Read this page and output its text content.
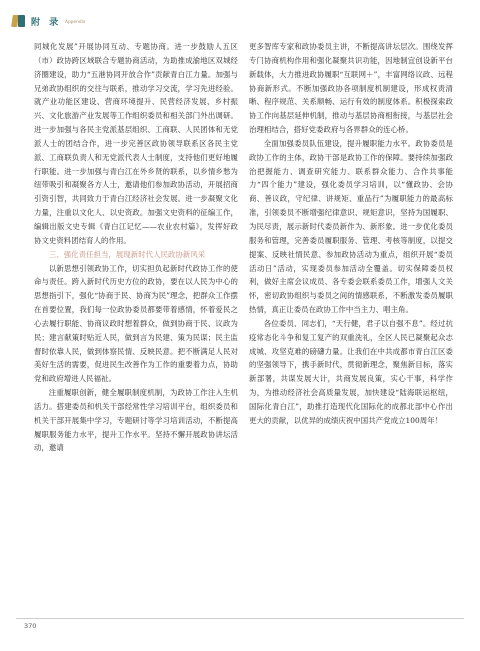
附 录 Appendix

同城化发展”开展协同互动、专题协商。进一步鼓励人五区（市）政协跨区域联合专题协商活动，为助推成渝地区双城经济圈建设，助力“五港协同开放合作”贡献青白江力量。加强与兄弟政协组织的交往与联系，推动学习交流，学习先进经验。就产业功能区建设、营商环境提升、民营经济发展、乡村振兴、文化旅游产业发展等工作组织委员和相关部门外出调研。进一步加强与各民主党派基层组织、工商联、人民团体和无党派人士的团结合作，进一步完善区政协领导联系区各民主党派、工商联负责人和无党派代表人士制度，支持他们更好地履行职能。进一步加强与青白江在外乡贤的联系，以乡情乡愁为纽带吸引和凝聚各方人士，邀请他们参加政协活动，开展招商引资引智，共同致力于青白江经济社会发展。进一步凝聚文化力量，注重以文化人、以史资政。加强文史资料的征编工作，编辑出版文史专辑《青白江记忆——农业农村篇》，发挥好政协文史资料团结育人的作用。

三、强化责任担当，展现新时代人民政协新风采

以新思想引领政协工作，切实担负起新时代政协工作的使命与责任。跨入新时代历史方位的政协，要在以人民为中心的思想指引下，强化“协商于民、协商为民”理念，把群众工作摆在首要位置，我们每一位政协委员都要带着感情，怀着爱民之心去履行职能、协商议政时想着群众，做到协商于民、议政为民；建言献策时贴近人民，做到言为民建、策为民谋；民主监督时依靠人民，做到体察民情、反映民意。把不断满足人民对美好生活的需要，促进民生改善作为工作的重要着力点，协助党和政府增进人民福祉。

注重履职创新，健全履职制度机制，为政协工作注入生机活力。搭建委员和机关干部经常性学习培训平台，组织委员和机关干部开展集中学习，专题研讨等学习培训活动，不断提高履职服务能力水平，提升工作水平。坚持不懈开展政协讲坛活动，邀请

更多智库专家和政协委员主讲，不断提高讲坛层次。围绕发挥专门协商机构作用和强化凝聚共识功能，因地制宜创设新平台新载体，大力推进政协履职“互联网＋”，丰富网络议政、远程协商新形式。不断加强政协各项制度机制建设，形成权责清晰、程序规范、关系顺畅、运行有效的制度体系。积极探索政协工作向基层延伸机制，推动与基层协商相衔接，与基层社会治理相结合，搭好党委政府与各界群众的连心桥。

全面加强委员队伍建设，提升履职能力水平。政协委员是政协工作的主体，政协干部是政协工作的保障。要持续加强政治把握能力、调查研究能力、联系群众能力、合作共事能力“四个能力”建设，强化委员学习培训，以“懂政协、会协商、善议政，守纪律、讲规矩、重品行”为履职能力的最高标准，引领委员不断增强纪律意识、规矩意识，坚持为国履职、为民尽责，展示新时代委员新作为、新形象。进一步优化委员服务和管理，完善委员履职服务、管理、考核等制度，以提交提案、反映社情民意、参加政协活动为重点，组织开展“委员活动日”活动，实现委员参加活动全覆盖。切实保障委员权利，做好主席会议成员、各专委会联系委员工作，增强人文关怀，密切政协组织与委员之间的情感联系，不断激发委员履职热情，真正让委员在政协工作中当主力、唱主角。

各位委员、同志们，“天行健，君子以自强不息”。经过抗疫常态化斗争和复工复产的双重洗礼，全区人民已凝聚起众志成城、攻坚克难的磅礴力量。让我们在中共成都市青白江区委的坚强领导下，携手新时代，贯彻新理念，聚焦新目标，落实新部署，共谋发展大计，共商发展良策，实心干事，科学作为，为推动经济社会高质量发展，加快建设“陆海联运枢纽，国际化青白江”，助推打造现代化国际化的成都北部中心作出更大的贡献，以优异的成绩庆祝中国共产党成立100周年！

370
